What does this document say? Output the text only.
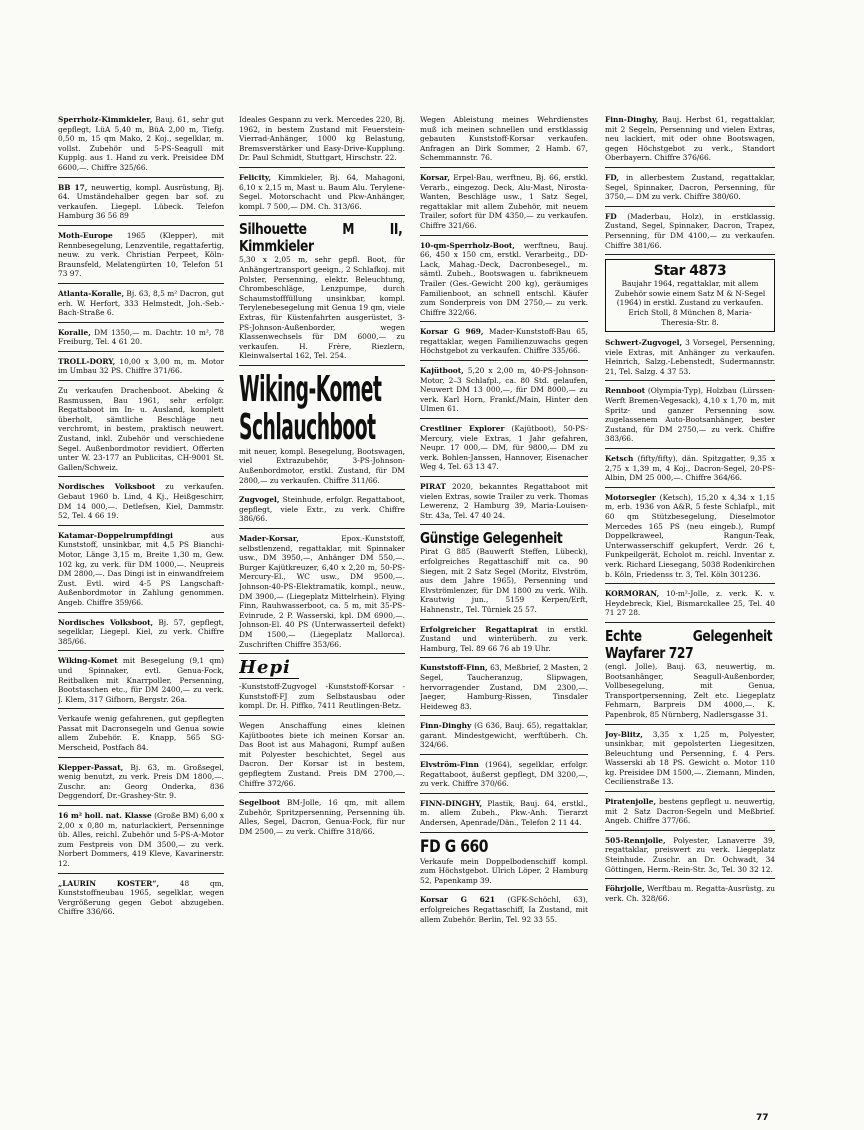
Sperrholz-Kimmkieler, Bauj. 61, sehr gut gepflegt, LüA 5,40 m, BüA 2,00 m, Tiefg. 0,50 m, 15 qm Mako, 2 Koj., segelklar, m. vollst. Zubehör und 5-PS-Seagull mit Kupplg. aus 1. Hand zu verk. Preisidee DM 6600,—. Chiffre 325/66.
BB 17, neuwertig, kompl. Ausrüstung, Bj. 64. Umständehalber gegen bar sof. zu verkaufen. Liegepl. Lübeck. Telefon Hamburg 36 56 89
Moth-Europe 1965 (Klepper), mit Rennbesegelung, Lenzventile, regattafertig, neuw. zu verk. Christian Perpeet, Köln-Braunsfeld, Melatengürten 10, Telefon 51 73 97.
Atlanta-Koralle, Bj. 63, 8,5 m² Dacron, gut erh. W. Herfort, 333 Helmstedt, Joh.-Seb.-Bach-Straße 6.
Koralle, DM 1350,— m. Dachtr. 10 m², 78 Freiburg, Tel. 4 61 20.
TROLL-DORY, 10,00 x 3,00 m, m. Motor im Umbau 32 PS. Chiffre 371/66.
Zu verkaufen Drachenboot. Abeking & Rasmussen, Bau 1961, sehr erfolgr. Regattaboot im In- u. Ausland, komplett überholt, sämtliche Beschläge neu verchromt, in bestem, praktisch neuwert. Zustand, inkl. Zubehör und verschiedene Segel. Außenbordmotor revidiert. Offerten unter W. 23-177 an Publicitas, CH-9001 St. Gallen/Schweiz.
Nordisches Volksboot zu verkaufen. Gebaut 1960 b. Lind, 4 Kj., Heißgeschirr, DM 14 000,—. Detlefsen, Kiel, Dammstr. 52, Tel. 4 66 19.
Katamar-Doppelrumpfdingi aus Kunststoff, unsinkbar, mit 4,5 PS Bianchi-Motor, Länge 3,15 m, Breite 1,30 m, Gew. 102 kg, zu verk. für DM 1000,—. Neupreis DM 2800,—. Das Dingi ist in einwandfreiem Zust. Evtl. wird 4-5 PS Langschaft-Außenbordmotor in Zahlung genommen. Angeb. Chiffre 359/66.
Nordisches Volksboot, Bj. 57, gepflegt, segelklar, Liegepl. Kiel, zu verk. Chiffre 385/66.
Wiking-Komet mit Besegelung (9,1 qm) und Spinnaker, evtl. Genua-Fock, Reitbalken mit Knarrpoller, Persenning, Bootstaschen etc., für DM 2400,— zu verk. J. Klem, 317 Gifhorn, Bergstr. 26a.
Verkaufe wenig gefahrenen, gut gepflegten Passat mit Dacronsegeln und Genua sowie allem Zubehör. E. Knapp, 565 SG-Merscheid, Postfach 84.
Klepper-Passat, Bj. 63, m. Großsegel, wenig benutzt, zu verk. Preis DM 1800,—. Zuschr. an: Georg Onderka, 836 Deggendorf, Dr.-Grashey-Str. 9.
16 m² holl. nat. Klasse (Große BM) 6,00 x 2,00 x 0,80 m, naturlackiert, Persenninge üb. Alles, reichl. Zubehör und 5-PS-A-Motor zum Festpreis von DM 3500,— zu verk. Norbert Dommers, 419 Kleve, Kavarinerstr. 12.
„LAURIN KOSTER“, 48 qm, Kunststoffneubau 1965, segelklar, wegen Vergrößerung gegen Gebot abzugeben. Chiffre 336/66.
Ideales Gespann zu verk. Mercedes 220, Bj. 1962, in bestem Zustand mit Feuerstein-Vierrad-Anhänger, 1000 kg Belastung, Bremsverstärker und Easy-Drive-Kupplung. Dr. Paul Schmidt, Stuttgart, Hirschstr. 22.
Felicity, Kimmkieler, Bj. 64, Mahagoni, 6,10 x 2,15 m, Mast u. Baum Alu. Terylene-Segel. Motorschacht und Pkw-Anhänger, kompl. 7 500,— DM. Ch. 313/66.
Silhouette M II, Kimmkieler
5,30 x 2,05 m, sehr gepfl. Boot, für Anhängertransport geeign., 2 Schlafkoj. mit Polster, Persenning, elektr. Beleuchtung, Chrombeschläge, Lenzpumpe, durch Schaumstofffüllung unsinkbar, kompl. Terylenebesegelung mit Genua 19 qm, viele Extras, für Küstenfahrten ausgerüstet, 3-PS-Johnson-Außenborder, wegen Klassenwechsels für DM 6000,— zu verkaufen. H. Frère, Riezlern, Kleinwalsertal 162, Tel. 254.
Wiking-Komet Schlauchboot
mit neuer, kompl. Besegelung, Bootswagen, viel Extrazubehör, 3-PS-Johnson-Außenbordmotor, erstkl. Zustand, für DM 2800,— zu verkaufen. Chiffre 311/66.
Zugvogel, Steinhude, erfolgr. Regattaboot, gepflegt, viele Extr., zu verk. Chiffre 386/66.
Mader-Korsar, Epox.-Kunststoff, selbstlenzend, regattaklar, mit Spinnaker usw., DM 3950,—, Anhänger DM 550,—. Burger Kajütkreuzer, 6,40 x 2,20 m, 50-PS-Mercury-El., WC usw., DM 9500,—. Johnson-40-PS-Elektramatik, kompl., neuw., DM 3900,— (Liegeplatz Mittelrhein). Flying Finn, Rauhwasserboot, ca. 5 m, mit 35-PS-Evinrude, 2 P. Wasserski, kpl. DM 6900,—. Johnson-El. 40 PS (Unterwasserteil defekt) DM 1500,— (Liegeplatz Mallorca). Zuschriften Chiffre 353/66.
Hepi
-Kunststoff-Zugvogel -Kunststoff-Korsar -Kunststoff-FJ zum Selbstausbau oder kompl. Dr. H. Piffko, 7411 Reutlingen-Betz.
Wegen Anschaffung eines kleinen Kajütbootes biete ich meinen Korsar an. Das Boot ist aus Mahagoni, Rumpf außen mit Polyester beschichtet, Segel aus Dacron. Der Korsar ist in bestem, gepflegtem Zustand. Preis DM 2700,—. Chiffre 372/66.
Segelboot BM-Jolle, 16 qm, mit allem Zubehör, Spritzpersenning, Persenning üb. Alles, Segel, Dacron, Genua-Fock, für nur DM 2500,— zu verk. Chiffre 318/66.
Wegen Ableistung meines Wehrdienstes muß ich meinen schnellen und erstklassig gebauten Kunststoff-Korsar verkaufen. Anfragen an Dirk Sommer, 2 Hamb. 67, Schemmannstr. 76.
Korsar, Erpel-Bau, werftneu, Bj. 66, erstkl. Verarb., eingezog. Deck, Alu-Mast, Nirosta-Wanten, Beschläge usw., 1 Satz Segel, regattaklar mit allem Zubehör, mit neuem Trailer, sofort für DM 4350,— zu verkaufen. Chiffre 321/66.
10-qm-Sperrholz-Boot, werftneu, Bauj. 66, 450 x 150 cm, erstkl. Verarbeitg., DD-Lack, Mahag.-Deck, Dacronbesegel., m. sämtl. Zubeh., Bootswagen u. fabrikneuem Trailer (Ges.-Gewicht 200 kg), geräumiges Familienboot, an schnell entschl. Käufer zum Sonderpreis von DM 2750,— zu verk. Chiffre 322/66.
Korsar G 969, Mader-Kunststoff-Bau 65, regattaklar, wegen Familienzuwachs gegen Höchstgebot zu verkaufen. Chiffre 335/66.
Kajütboot, 5,20 x 2,00 m, 40-PS-Johnson-Motor, 2–3 Schlafpl., ca. 80 Std. gelaufen, Neuwert DM 13 000,—, für DM 8000,— zu verk. Karl Horn, Frankf./Main, Hinter den Ulmen 61.
Crestliner Explorer (Kajütboot), 50-PS-Mercury, viele Extras, 1 Jahr gefahren, Neupr. 17 000,— DM, für 9800,— DM zu verk. Bohlen-Janssen, Hannover, Eisenacher Weg 4, Tel. 63 13 47.
PIRAT 2020, bekanntes Regattaboot mit vielen Extras, sowie Trailer zu verk. Thomas Lewerenz, 2 Hamburg 39, Maria-Louisen-Str. 43a, Tel. 47 40 24.
Günstige Gelegenheit
Pirat G 885 (Bauwerft Steffen, Lübeck), erfolgreiches Regattaschiff mit ca. 90 Siegen, mit 2 Satz Segel (Moritz, Elvström, aus dem Jahre 1965), Persenning und Elvströmlenzer, für DM 1800 zu verk. Wilh. Krautwig jun., 5159 Kerpen/Erft, Hahnenstr., Tel. Türniek 25 57.
Erfolgreicher Regattapirat in erstkl. Zustand und winterüberh. zu verk. Hamburg, Tel. 89 66 76 ab 19 Uhr.
Kunststoff-Finn, 63, Meßbrief, 2 Masten, 2 Segel, Taucheranzug, Slipwagen, hervorragender Zustand, DM 2300,—. Jaeger, Hamburg-Rissen, Tinsdaler Heideweg 83.
Finn-Dinghy (G 636, Bauj. 65), regattaklar, garant. Mindestgewicht, werftüberh. Ch. 324/66.
Elvström-Finn (1964), segelklar, erfolgr. Regattaboot, äußerst gepflegt, DM 3200,—, zu verk. Chiffre 370/66.
FINN-DINGHY, Plastik, Bauj. 64, erstkl., m. allem Zubeh., Pkw.-Anh. Tierarzt Andersen, Apenrade/Dän., Telefon 2 11 44.
FD G 660
Verkaufe mein Doppelbodenschiff kompl. zum Höchstgebot. Ulrich Löper, 2 Hamburg 52, Papenkamp 39.
Korsar G 621 (GFK-Schöchl, 63), erfolgreiches Regattaschiff, Ia Zustand, mit allem Zubehör. Berlin, Tel. 92 33 55.
Finn-Dinghy, Bauj. Herbst 61, regattaklar, mit 2 Segeln, Persenning und vielen Extras, neu lackiert, mit oder ohne Bootswagen, gegen Höchstgebot zu verk., Standort Oberbayern. Chiffre 376/66.
FD, in allerbestem Zustand, regattaklar, Segel, Spinnaker, Dacron, Persenning, für 3750,— DM zu verk. Chiffre 380/60.
FD (Maderbau, Holz), in erstklassig. Zustand, Segel, Spinnaker, Dacron, Trapez, Persenning, für DM 4100,— zu verkaufen. Chiffre 381/66.
Star 4873
Baujahr 1964, regattaklar, mit allem Zubehör sowie einem Satz M & N-Segel (1964) in erstkl. Zustand zu verkaufen. Erich Stoll, 8 München 8, Maria-Theresia-Str. 8.
Schwert-Zugvogel, 3 Vorsegel, Persenning, viele Extras, mit Anhänger zu verkaufen. Heinrich, Salzg.-Lebenstedt, Sudermannstr. 21, Tel. Salzg. 4 37 53.
Rennboot (Olympia-Typ), Holzbau (Lürssen-Werft Bremen-Vegesack), 4,10 x 1,70 m, mit Spritz- und ganzer Persenning sow. zugelassenem Auto-Bootsanhänger, bester Zustand, für DM 2750,— zu verk. Chiffre 383/66.
Ketsch (fifty/fifty), dän. Spitzgatter, 9,35 x 2,75 x 1,39 m, 4 Koj., Dacron-Segel, 20-PS-Albin, DM 25 000,—. Chiffre 364/66.
Motorsegler (Ketsch), 15,20 x 4,34 x 1,15 m, erb. 1936 von A&R, 5 feste Schlafpl., mit 60 qm Stützbesegelung, Dieselmotor Mercedes 165 PS (neu eingeb.), Rumpf Doppelkraweel, Rangun-Teak, Unterwasserschiff gekupfert, Verdr. 26 t, Funkpeilgerät, Echolot m. reichl. Inventar z. verk. Richard Liesegang, 5038 Rodenkirchen b. Köln, Friedenss tr. 3, Tel. Köln 301236.
KORMORAN, 10-m²-Jolle, z. verk. K. v. Heydebreck, Kiel, Bismarckallee 25, Tel. 40 71 27 28.
Echte Gelegenheit Wayfarer 727
(engl. Jolle), Bauj. 63, neuwertig, m. Bootsanhänger, Seagull-Außenborder, Vollbesegelung, mit Genua, Transportpersenning, Zelt etc. Liegeplatz Fehmarn, Barpreis DM 4000,—. K. Papenbrok, 85 Nürnberg, Nadlersgasse 31.
Joy-Blitz, 3,35 x 1,25 m, Polyester, unsinkbar, mit gepolsterten Liegesitzen, Beleuchtung und Persenning, f. 4 Pers. Wasserski ab 18 PS. Gewicht o. Motor 110 kg. Preisidee DM 1500,—. Ziemann, Minden, Cecilienstraße 13.
Piratenjolle, bestens gepflegt u. neuwertig, mit 2 Satz Dacron-Segeln und Meßbrief. Angeb. Chiffre 377/66.
505-Rennjolle, Polyester, Lanaverre 39, regattaklar, preiswert zu verk. Liegeplatz Steinhude. Zuschr. an Dr. Ochwadt, 34 Göttingen, Herm.-Rein-Str. 3c, Tel. 30 32 12.
Föhrjolle, Werftbau m. Regatta-Ausrüstg. zu verk. Ch. 328/66.
77
